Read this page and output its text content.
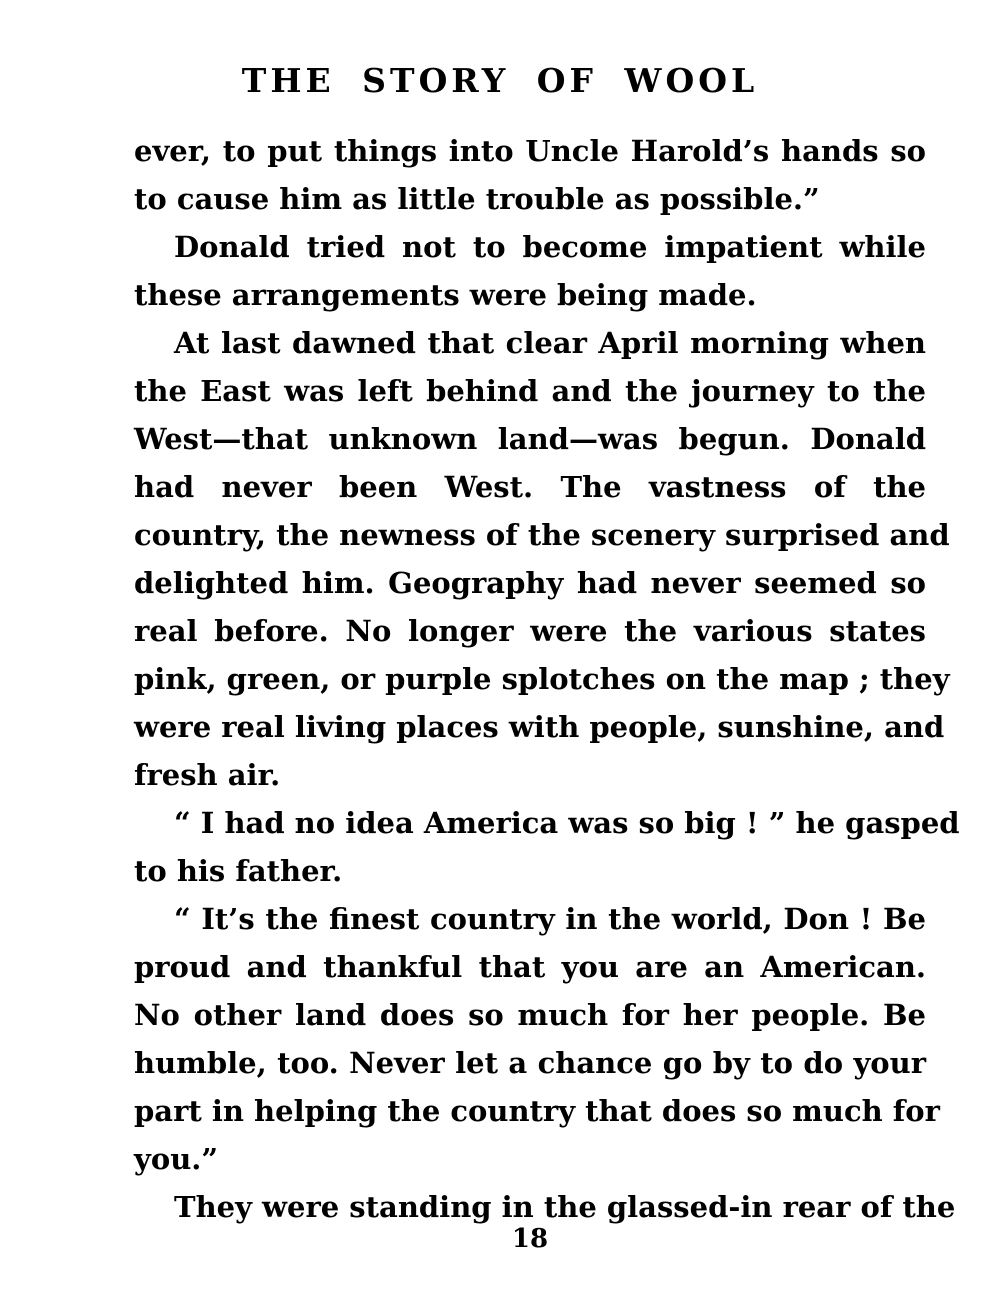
THE STORY OF WOOL
ever, to put things into Uncle Harold’s hands so
to cause him as little trouble as possible.”
Donald tried not to become impatient while
these arrangements were being made.
At last dawned that clear April morning when
the East was left behind and the journey to the
West—that unknown land—was begun. Donald
had never been West. The vastness of the
country, the newness of the scenery surprised and
delighted him. Geography had never seemed so
real before. No longer were the various states
pink, green, or purple splotches on the map ; they
were real living places with people, sunshine, and
fresh air.
“ I had no idea America was so big ! ” he gasped
to his father.
“ It’s the finest country in the world, Don ! Be
proud and thankful that you are an American.
No other land does so much for her people. Be
humble, too. Never let a chance go by to do your
part in helping the country that does so much for
you.”
They were standing in the glassed-in rear of the
18
